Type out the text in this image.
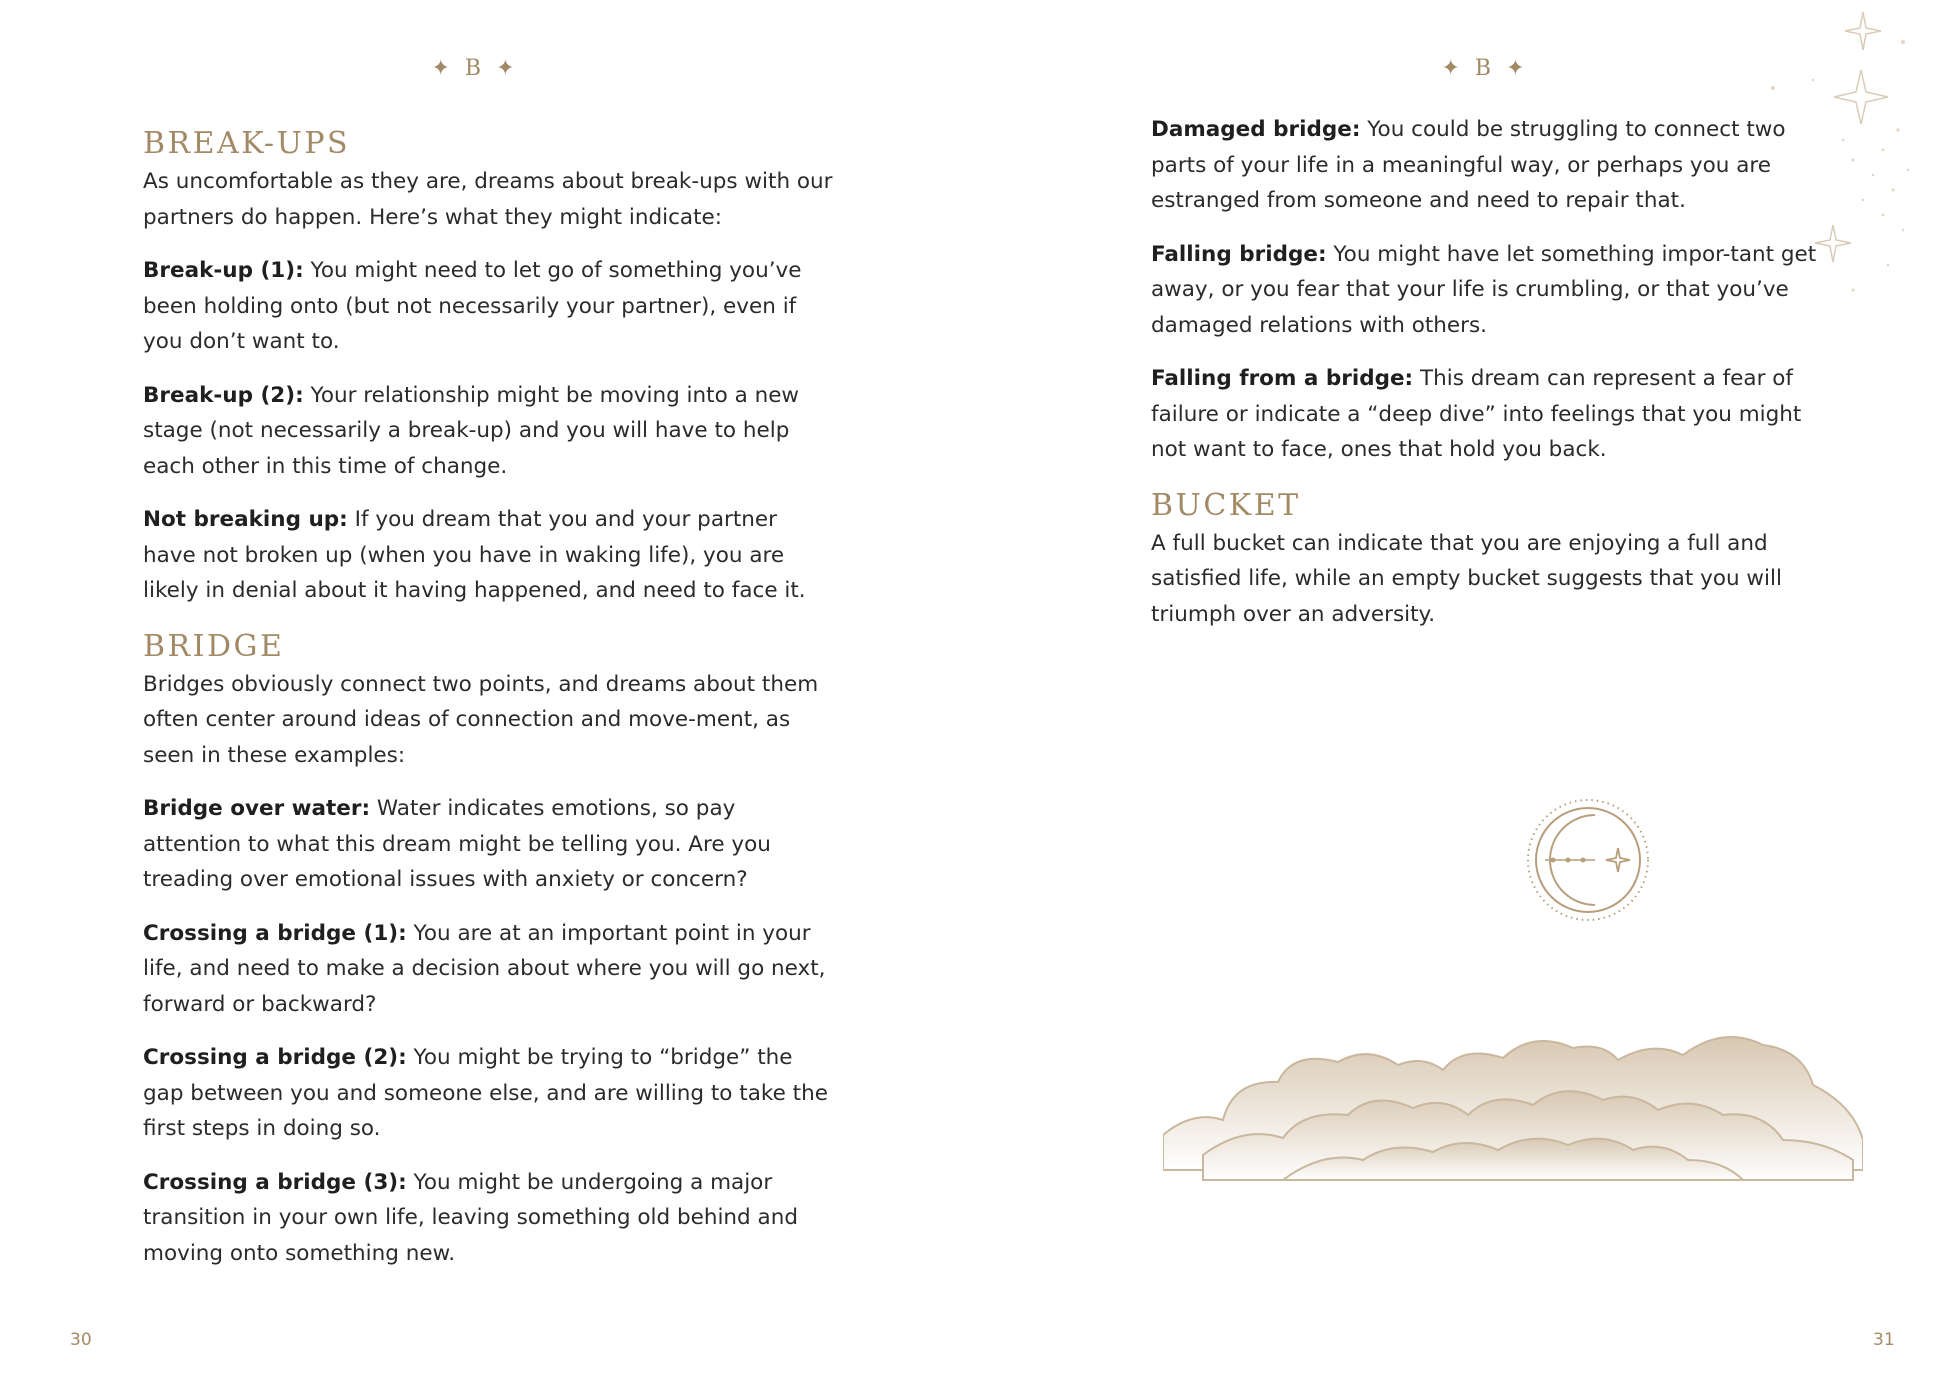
✦ B ✦
BREAK-UPS

As uncomfortable as they are, dreams about break-ups with our partners do happen. Here’s what they might indicate:

Break-up (1): You might need to let go of something you’ve been holding onto (but not necessarily your partner), even if you don’t want to.

Break-up (2): Your relationship might be moving into a new stage (not necessarily a break-up) and you will have to help each other in this time of change.

Not breaking up: If you dream that you and your partner have not broken up (when you have in waking life), you are likely in denial about it having happened, and need to face it.

BRIDGE

Bridges obviously connect two points, and dreams about them often center around ideas of connection and move-ment, as seen in these examples:

Bridge over water: Water indicates emotions, so pay attention to what this dream might be telling you. Are you treading over emotional issues with anxiety or concern?

Crossing a bridge (1): You are at an important point in your life, and need to make a decision about where you will go next, forward or backward?

Crossing a bridge (2): You might be trying to “bridge” the gap between you and someone else, and are willing to take the first steps in doing so.

Crossing a bridge (3): You might be undergoing a major transition in your own life, leaving something old behind and moving onto something new.

30
✦ B ✦

Damaged bridge: You could be struggling to connect two parts of your life in a meaningful way, or perhaps you are estranged from someone and need to repair that.

Falling bridge: You might have let something impor-tant get away, or you fear that your life is crumbling, or that you’ve damaged relations with others.

Falling from a bridge: This dream can represent a fear of failure or indicate a “deep dive” into feelings that you might not want to face, ones that hold you back.

BUCKET

A full bucket can indicate that you are enjoying a full and satisfied life, while an empty bucket suggests that you will triumph over an adversity.

31
